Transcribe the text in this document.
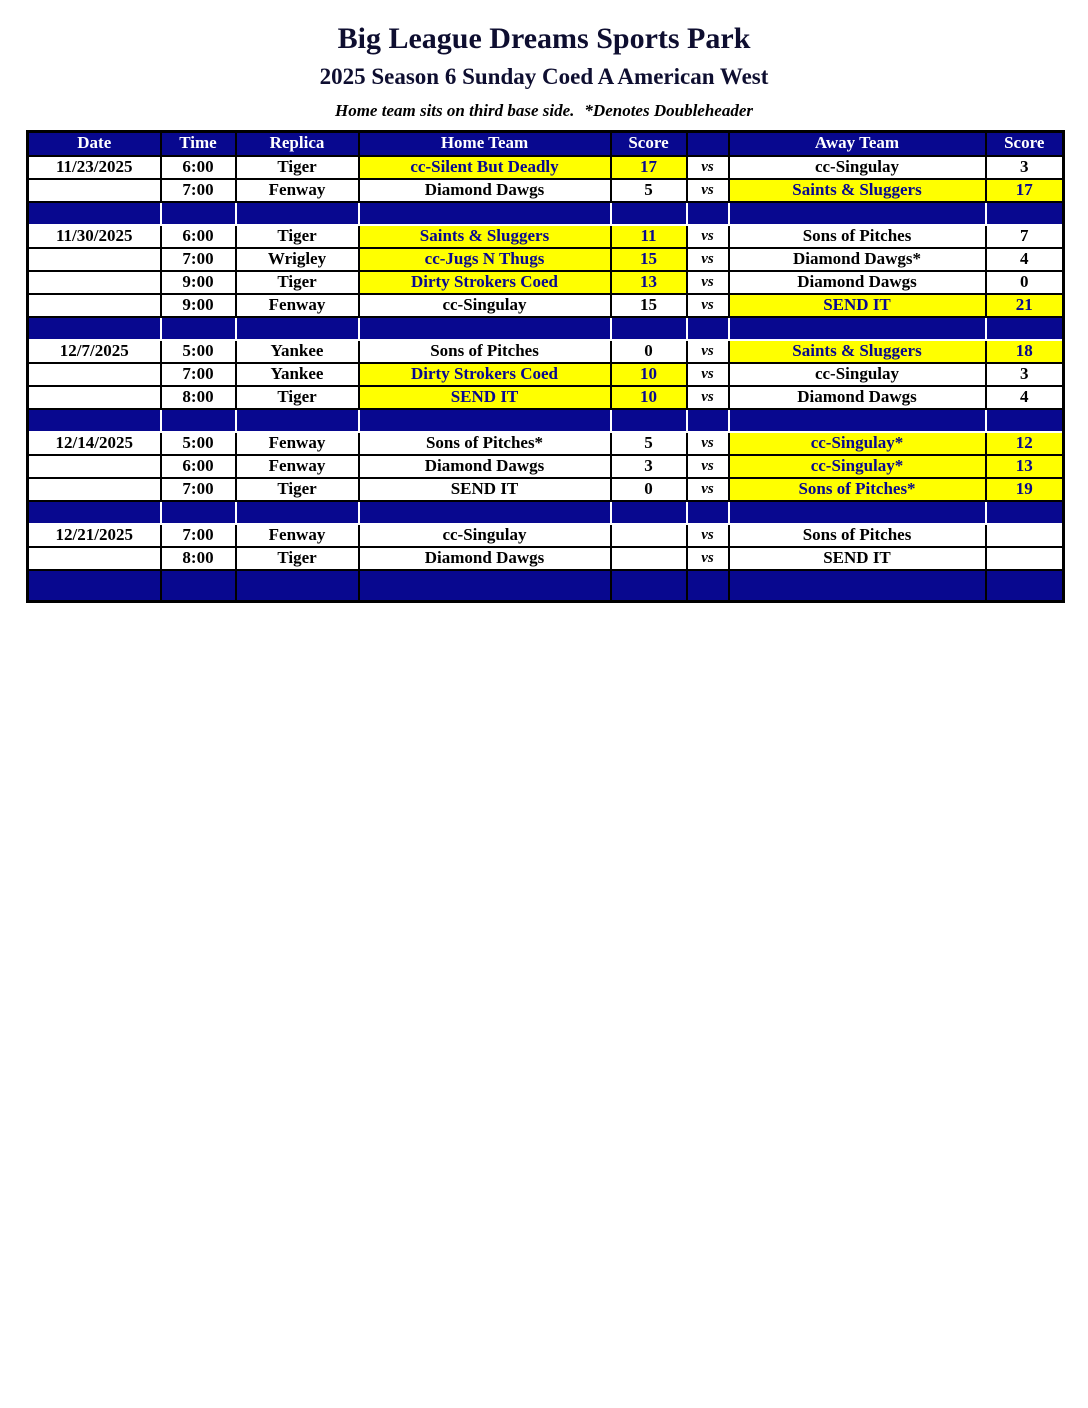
Big League Dreams Sports Park
2025 Season 6 Sunday Coed A American West
Home team sits on third base side. *Denotes Doubleheader
Date	Time	Replica	Home Team	Score		Away Team	Score
11/23/2025	6:00	Tiger	cc-Silent But Deadly	17	vs	cc-Singulay	3
	7:00	Fenway	Diamond Dawgs	5	vs	Saints & Sluggers	17

11/30/2025	6:00	Tiger	Saints & Sluggers	11	vs	Sons of Pitches	7
	7:00	Wrigley	cc-Jugs N Thugs	15	vs	Diamond Dawgs*	4
	9:00	Tiger	Dirty Strokers Coed	13	vs	Diamond Dawgs	0
	9:00	Fenway	cc-Singulay	15	vs	SEND IT	21

12/7/2025	5:00	Yankee	Sons of Pitches	0	vs	Saints & Sluggers	18
	7:00	Yankee	Dirty Strokers Coed	10	vs	cc-Singulay	3
	8:00	Tiger	SEND IT	10	vs	Diamond Dawgs	4

12/14/2025	5:00	Fenway	Sons of Pitches*	5	vs	cc-Singulay*	12
	6:00	Fenway	Diamond Dawgs	3	vs	cc-Singulay*	13
	7:00	Tiger	SEND IT	0	vs	Sons of Pitches*	19

12/21/2025	7:00	Fenway	cc-Singulay		vs	Sons of Pitches	
	8:00	Tiger	Diamond Dawgs		vs	SEND IT	
